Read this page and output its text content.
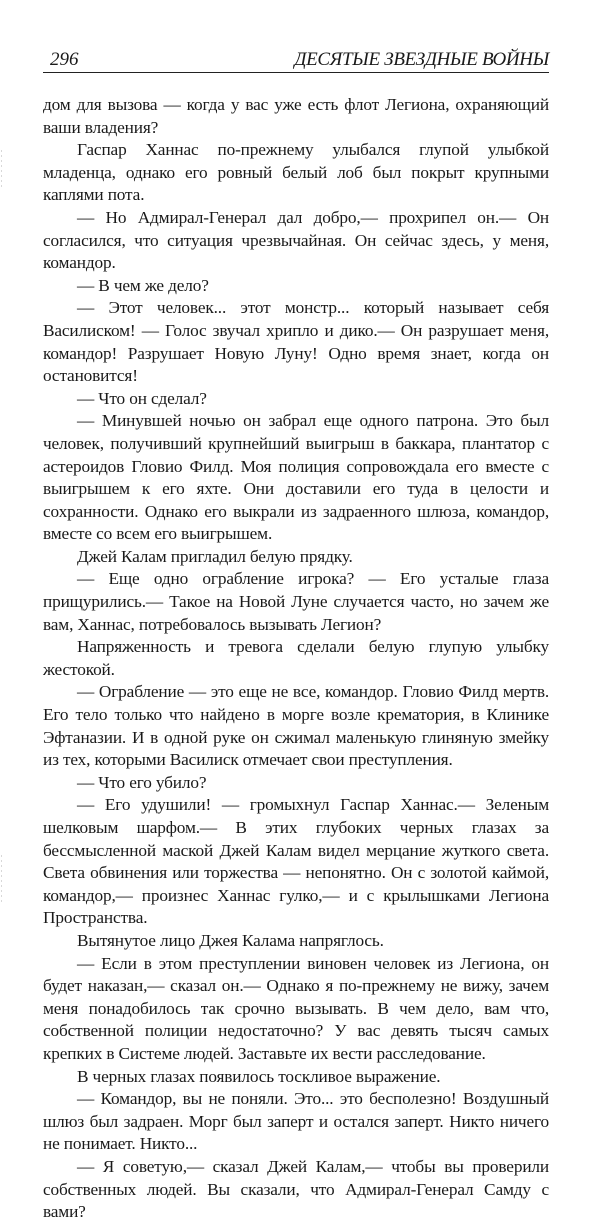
296	ДЕСЯТЫЕ ЗВЕЗДНЫЕ ВОЙНЫ

дом для вызова — когда у вас уже есть флот Легиона, охраняющий ваши владения?

Гаспар Ханнас по-прежнему улыбался глупой улыбкой младенца, однако его ровный белый лоб был покрыт крупными каплями пота.

— Но Адмирал-Генерал дал добро,— прохрипел он.— Он согласился, что ситуация чрезвычайная. Он сейчас здесь, у меня, командор.

— В чем же дело?

— Этот человек... этот монстр... который называет себя Василиском! — Голос звучал хрипло и дико.— Он разрушает меня, командор! Разрушает Новую Луну! Одно время знает, когда он остановится!

— Что он сделал?

— Минувшей ночью он забрал еще одного патрона. Это был человек, получивший крупнейший выигрыш в баккара, плантатор с астероидов Гловио Филд. Моя полиция сопровождала его вместе с выигрышем к его яхте. Они доставили его туда в целости и сохранности. Однако его выкрали из задраенного шлюза, командор, вместе со всем его выигрышем.

Джей Калам пригладил белую прядку.

— Еще одно ограбление игрока? — Его усталые глаза прищурились.— Такое на Новой Луне случается часто, но зачем же вам, Ханнас, потребовалось вызывать Легион?

Напряженность и тревога сделали белую глупую улыбку жестокой.

— Ограбление — это еще не все, командор. Гловио Филд мертв. Его тело только что найдено в морге возле крематория, в Клинике Эфтаназии. И в одной руке он сжимал маленькую глиняную змейку из тех, которыми Василиск отмечает свои преступления.

— Что его убило?

— Его удушили! — громыхнул Гаспар Ханнас.— Зеленым шелковым шарфом.— В этих глубоких черных глазах за бессмысленной маской Джей Калам видел мерцание жуткого света. Света обвинения или торжества — непонятно. Он с золотой каймой, командор,— произнес Ханнас гулко,— и с крылышками Легиона Пространства.

Вытянутое лицо Джея Калама напряглось.

— Если в этом преступлении виновен человек из Легиона, он будет наказан,— сказал он.— Однако я по-прежнему не вижу, зачем меня понадобилось так срочно вызывать. В чем дело, вам что, собственной полиции недостаточно? У вас девять тысяч самых крепких в Системе людей. Заставьте их вести расследование.

В черных глазах появилось тоскливое выражение.

— Командор, вы не поняли. Это... это бесполезно! Воздушный шлюз был задраен. Морг был заперт и остался заперт. Никто ничего не понимает. Никто...

— Я советую,— сказал Джей Калам,— чтобы вы проверили собственных людей. Вы сказали, что Адмирал-Генерал Самду с вами?
